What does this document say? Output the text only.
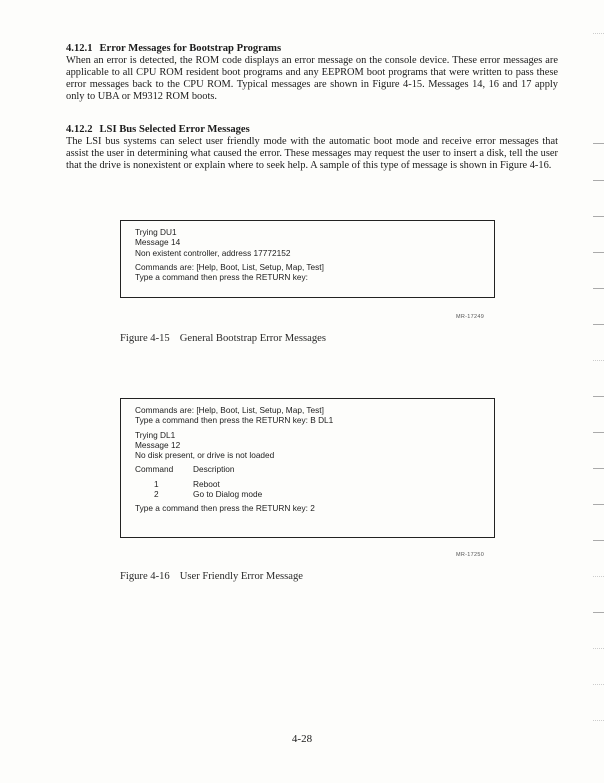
4.12.1 Error Messages for Bootstrap Programs

When an error is detected, the ROM code displays an error message on the console device. These error messages are applicable to all CPU ROM resident boot programs and any EEPROM boot programs that were written to pass these error messages back to the CPU ROM. Typical messages are shown in Figure 4-15. Messages 14, 16 and 17 apply only to UBA or M9312 ROM boots.

4.12.2 LSI Bus Selected Error Messages

The LSI bus systems can select user friendly mode with the automatic boot mode and receive error messages that assist the user in determining what caused the error. These messages may request the user to insert a disk, tell the user that the drive is nonexistent or explain where to seek help. A sample of this type of message is shown in Figure 4-16.

Trying DU1
Message 14
Non existent controller, address 17772152
Commands are: [Help, Boot, List, Setup, Map, Test]
Type a command then press the RETURN key:
MR-17249
Figure 4-15 General Bootstrap Error Messages
Commands are: [Help, Boot, List, Setup, Map, Test]
Type a command then press the RETURN key: B DL1
Trying DL1
Message 12
No disk present, or drive is not loaded
Command	Description
1	Reboot
2	Go to Dialog mode
Type a command then press the RETURN key: 2
MR-17250
Figure 4-16 User Friendly Error Message
4-28
